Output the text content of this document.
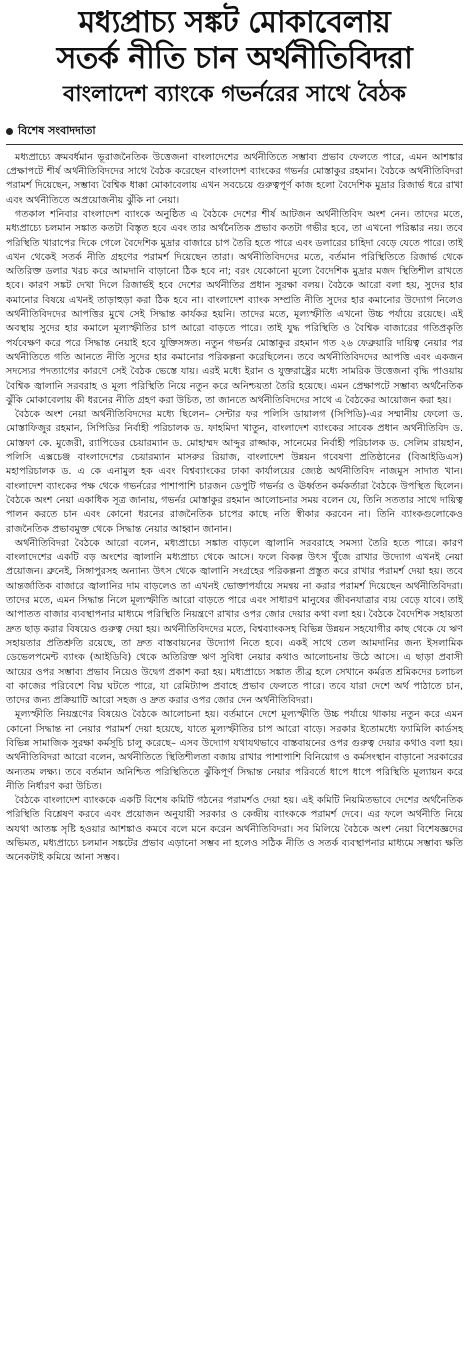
মধ্যপ্রাচ্য সঙ্কট মোকাবেলায়
সতর্ক নীতি চান অর্থনীতিবিদরা
বাংলাদেশ ব্যাংকে গভর্নরের সাথে বৈঠক
বিশেষ সংবাদদাতা

মধ্যপ্রাচ্যে ক্রমবর্ধমান ভূরাজনৈতিক উত্তেজনা বাংলাদেশের অর্থনীতিতে সম্ভাব্য প্রভাব ফেলতে পারে, এমন আশঙ্কার প্রেক্ষাপটে শীর্ষ অর্থনীতিবিদদের সাথে বৈঠক করেছেন বাংলাদেশ ব্যাংকের গভর্নর মোস্তাকুর রহমান। বৈঠকে অর্থনীতিবিদরা পরামর্শ দিয়েছেন, সম্ভাব্য বৈশ্বিক ধাক্কা মোকাবেলায় এখন সবচেয়ে গুরুত্বপূর্ণ কাজ হলো বৈদেশিক মুদ্রার রিজার্ভ ধরে রাখা এবং অর্থনীতিতে অপ্রয়োজনীয় ঝুঁকি না নেয়া।

গতকাল শনিবার বাংলাদেশ ব্যাংকে অনুষ্ঠিত এ বৈঠকে দেশের শীর্ষ আটজন অর্থনীতিবিদ অংশ নেন। তাদের মতে, মধ্যপ্রাচ্যে চলমান সঙ্কাত কতটা বিস্তৃত হবে এবং তার অর্থনৈতিক প্রভাব কতটা গভীর হবে, তা এখনো পরিষ্কার নয়। তবে পরিস্থিতি খারাপের দিকে গেলে বৈদেশিক মুদ্রার বাজারে চাপ তৈরি হতে পারে এবং ডলারের চাহিদা বেড়ে যেতে পারে। তাই এখন থেকেই সতর্ক নীতি গ্রহণের পরামর্শ দিয়েছেন তারা। অর্থনীতিবিদদের মতে, বর্তমান পরিস্থিতিতে রিজার্ভ থেকে অতিরিক্ত ডলার খরচ করে আমদানি বাড়ানো ঠিক হবে না; বরং যেকোনো মূল্যে বৈদেশিক মুদ্রার মজদ স্থিতিশীল রাখতে হবে। কারণ সঙ্কট দেখা দিলে রিজার্ভই হবে দেশের অর্থনীতির প্রধান সুরক্ষা বলয়। বৈঠকে আরো বলা হয়, সুদের হার কমানোর বিষয়ে এখনই তাড়াহুড়া করা ঠিক হবে না। বাংলাদেশ ব্যাংক সম্প্রতি নীতি সুদের হার কমানোর উদ্যোগ নিলেও অর্থনীতিবিদদের আপত্তির মুখে সেই সিদ্ধান্ত কার্যকর হয়নি। তাদের মতে, মূল্যস্ফীতি এখনো উচ্চ পর্যায়ে রয়েছে। এই অবস্থায় সুদের হার কমালে মূল্যস্ফীতির চাপ আরো বাড়তে পারে। তাই যুদ্ধ পরিস্থিতি ও বৈশ্বিক বাজারের গতিপ্রকৃতি পর্যবেক্ষণ করে পরে সিদ্ধান্ত নেয়াই হবে যুক্তিসঙ্গত। নতুন গভর্নর মোস্তাকুর রহমান গত ২৬ ফেব্রুয়ারি দায়িত্ব নেয়ার পর অর্থনীতিতে গতি আনতে নীতি সুদের হার কমানোর পরিকল্পনা করেছিলেন। তবে অর্থনীতিবিদদের আপত্তি এবং একজন সদস্যের পদত্যাগের কারণে সেই বৈঠক ভেস্তে যায়। এরই মধ্যে ইরান ও যুক্তরাষ্ট্রের মধ্যে সামরিক উত্তেজনা বৃদ্ধি পাওয়ায় বৈশ্বিক জ্বালানি সরবরাহ ও মূল্য পরিস্থিতি নিয়ে নতুন করে অনিশ্চয়তা তৈরি হয়েছে। এমন প্রেক্ষাপটে সম্ভাব্য অর্থনৈতিক ঝুঁকি মোকাবেলায় কী ধরনের নীতি গ্রহণ করা উচিত, তা জানতে অর্থনীতিবিদদের সাথে এ বৈঠকের আয়োজন করা হয়।

বৈঠকে অংশ নেয়া অর্থনীতিবিদদের মধ্যে ছিলেন– সেন্টার ফর পলিসি ডায়ালগ (সিপিডি)-এর সম্মানীয় ফেলো ড. মোস্তাফিজুর রহমান, সিপিডির নির্বাহী পরিচালক ড. ফাহমিদা খাতুন, বাংলাদেশ ব্যাংকের সাবেক প্রধান অর্থনীতিবিদ ড. মোস্তফা কে. মুজেরী, র‍্যাপিডের চেয়ারম্যান ড. মোহাম্মদ আব্দুর রাজ্জাক, সানেমের নির্বাহী পরিচালক ড. সেলিম রায়হান, পলিসি এক্সচেঞ্জ বাংলাদেশের চেয়ারম্যান মাসরুর রিয়াজ, বাংলাদেশ উন্নয়ন গবেষণা প্রতিষ্ঠানের (বিআইডিএস) মহাপরিচালক ড. এ কে এনামুল হক এবং বিশ্বব্যাংকের ঢাকা কার্যালয়ের জ্যেষ্ঠ অর্থনীতিবিদ নাজমুস সাদাত খান। বাংলাদেশ ব্যাংকের পক্ষ থেকে গভর্নরের পাশাপাশি চারজন ডেপুটি গভর্নর ও ঊর্ধ্বতন কর্মকর্তারা বৈঠকে উপস্থিত ছিলেন। বৈঠকে অংশ নেয়া একাধিক সূত্র জানায়, গভর্নর মোস্তাকুর রহমান আলোচনার সময় বলেন যে, তিনি সততার সাথে দায়িত্ব পালন করতে চান এবং কোনো ধরনের রাজনৈতিক চাপের কাছে নতি স্বীকার করবেন না। তিনি ব্যাংকগুলোকেও রাজনৈতিক প্রভাবমুক্ত থেকে সিদ্ধান্ত নেয়ার আহ্বান জানান।

অর্থনীতিবিদরা বৈঠকে আরো বলেন, মধ্যপ্রাচ্যে সঙ্কাত বাড়লে জ্বালানি সরবরাহে সমস্যা তৈরি হতে পারে। কারণ বাংলাদেশের একটি বড় অংশের জ্বালানি মধ্যপ্রাচ্য থেকে আসে। ফলে বিকল্প উৎস খুঁজে রাখার উদ্যোগ এখনই নেয়া প্রয়োজন। ব্রুনেই, সিঙ্গাপুরসহ অন্যান্য উৎস থেকে জ্বালানি সংগ্রহের পরিকল্পনা প্রস্তুত করে রাখার পরামর্শ দেয়া হয়। তবে আন্তর্জাতিক বাজারে জ্বালানির দাম বাড়লেও তা এখনই ভোক্তাপর্যায়ে সমন্বয় না করার পরামর্শ দিয়েছেন অর্থনীতিবিদরা। তাদের মতে, এমন সিদ্ধান্ত নিলে মূল্যস্ফীতি আরো বাড়তে পারে এবং সাধারণ মানুষের জীবনযাত্রার ব্যয় বেড়ে যাবে। তাই আপাতত বাজার ব্যবস্থাপনার মাধ্যমে পরিস্থিতি নিয়ন্ত্রণে রাখার ওপর জোর দেয়ার কথা বলা হয়। বৈঠকে বৈদেশিক সহায়তা দ্রুত ছাড় করার বিষয়েও গুরুত্ব দেয়া হয়। অর্থনীতিবিদদের মতে, বিশ্বব্যাংকসহ বিভিন্ন উন্নয়ন সহযোগীর কাছ থেকে যে ঋণ সহায়তার প্রতিশ্রুতি রয়েছে, তা দ্রুত বাস্তবায়নের উদ্যোগ নিতে হবে। একই সাথে তেল আমদানির জন্য ইসলামিক ডেভেলপমেন্ট ব্যাংক (আইডিবি) থেকে অতিরিক্ত ঋণ সুবিধা নেয়ার কথাও আলোচনায় উঠে আসে। এ ছাড়া প্রবাসী আয়ের ওপর সম্ভাব্য প্রভাব নিয়েও উদ্বেগ প্রকাশ করা হয়। মধ্যপ্রাচ্যে সঙ্কাত তীব্র হলে সেখানে কর্মরত শ্রমিকদের চলাচল বা কাজের পরিবেশে বিঘ্ন ঘটতে পারে, যা রেমিট্যান্স প্রবাহে প্রভাব ফেলতে পারে। তবে যারা দেশে অর্থ পাঠাতে চান, তাদের জন্য প্রক্রিয়াটি আরো সহজ ও দ্রুত করার ওপর জোর দেন অর্থনীতিবিদরা।

মূল্যস্ফীতি নিয়ন্ত্রণের বিষয়েও বৈঠকে আলোচনা হয়। বর্তমানে দেশে মূল্যস্ফীতি উচ্চ পর্যায়ে থাকায় নতুন করে এমন কোনো সিদ্ধান্ত না নেয়ার পরামর্শ দেয়া হয়েছে, যাতে মূল্যস্ফীতির চাপ আরো বাড়ে। সরকার ইতোমধ্যে ফ্যামিলি কার্ডসহ বিভিন্ন সামাজিক সুরক্ষা কর্মসূচি চালু করেছে– এসব উদ্যোগ যথাযথভাবে বাস্তবায়নের ওপর গুরুত্ব দেয়ার কথাও বলা হয়। অর্থনীতিবিদরা আরো বলেন, অর্থনীতিতে স্থিতিশীলতা বজায় রাখার পাশাপাশি বিনিয়োগ ও কর্মসংস্থান বাড়ানো সরকারের অন্যতম লক্ষ্য। তবে বর্তমান অনিশ্চিত পরিস্থিতিতে ঝুঁকিপূর্ণ সিদ্ধান্ত নেয়ার পরিবর্তে ধাপে ধাপে পরিস্থিতি মূল্যায়ন করে নীতি নির্ধারণ করা উচিত।

বৈঠকে বাংলাদেশ ব্যাংককে একটি বিশেষ কমিটি গঠনের পরামর্শও দেয়া হয়। এই কমিটি নিয়মিতভাবে দেশের অর্থনৈতিক পরিস্থিতি বিশ্লেষণ করবে এবং প্রয়োজন অনুযায়ী সরকার ও কেন্দ্রীয় ব্যাংককে পরামর্শ দেবে। এর ফলে অর্থনীতি নিয়ে অযথা আতঙ্ক সৃষ্টি হওয়ার আশঙ্কাও কমবে বলে মনে করেন অর্থনীতিবিদরা। সব মিলিয়ে বৈঠকে অংশ নেয়া বিশেষজ্ঞদের অভিমত, মধ্যপ্রাচ্যে চলমান সঙ্কটের প্রভাব এড়ানো সম্ভব না হলেও সঠিক নীতি ও সতর্ক ব্যবস্থাপনার মাধ্যমে সম্ভাব্য ক্ষতি অনেকটাই কমিয়ে আনা সম্ভব।
